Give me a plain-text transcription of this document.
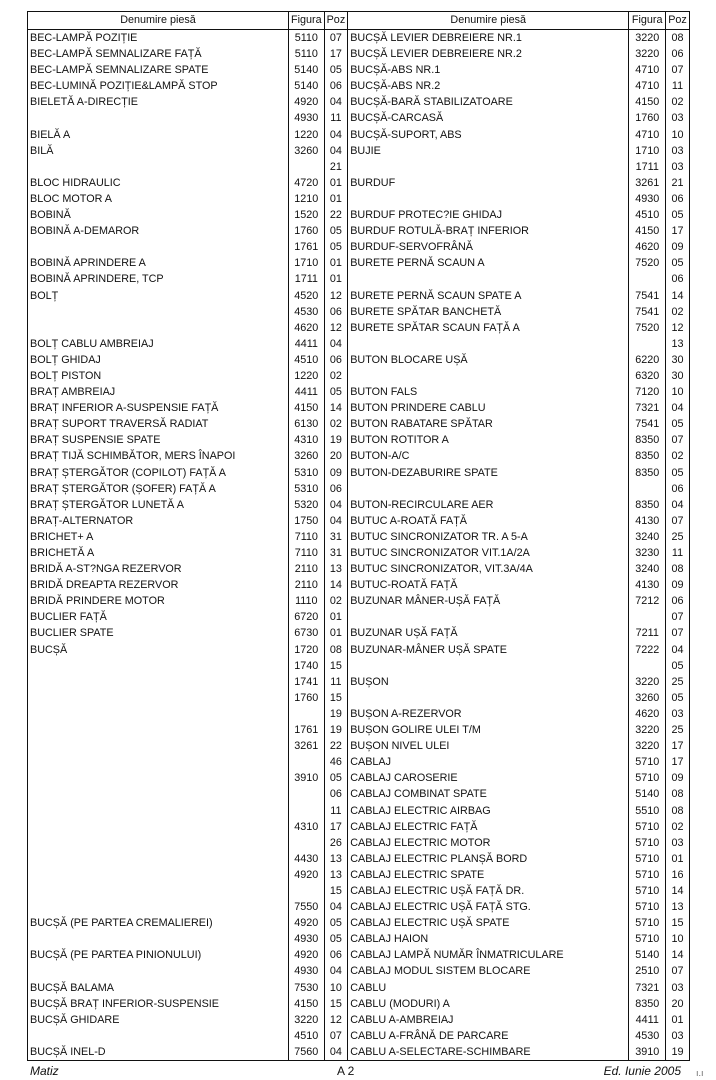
Denumire piesă	Figura	Poz	Denumire piesă	Figura	Poz
BEC-LAMPĂ POZIȚIE	5110	07	BUCȘĂ LEVIER DEBREIERE NR.1	3220	08
BEC-LAMPĂ SEMNALIZARE FAȚĂ	5110	17	BUCȘĂ LEVIER DEBREIERE NR.2	3220	06
BEC-LAMPĂ SEMNALIZARE SPATE	5140	05	BUCȘĂ-ABS NR.1	4710	07
BEC-LUMINĂ POZIȚIE&LAMPĂ STOP	5140	06	BUCȘĂ-ABS NR.2	4710	11
BIELETĂ A-DIRECȚIE	4920	04	BUCȘĂ-BARĂ STABILIZATOARE	4150	02
	4930	11	BUCȘĂ-CARCASĂ	1760	03
BIELĂ A	1220	04	BUCȘĂ-SUPORT, ABS	4710	10
BILĂ	3260	04	BUJIE	1710	03
		21		1711	03
BLOC HIDRAULIC	4720	01	BURDUF	3261	21
BLOC MOTOR A	1210	01		4930	06
BOBINĂ	1520	22	BURDUF PROTEC?IE GHIDAJ	4510	05
BOBINĂ A-DEMAROR	1760	05	BURDUF ROTULĂ-BRAȚ INFERIOR	4150	17
	1761	05	BURDUF-SERVOFRÂNĂ	4620	09
BOBINĂ APRINDERE A	1710	01	BURETE PERNĂ SCAUN A	7520	05
BOBINĂ APRINDERE, TCP	1711	01			06
BOLȚ	4520	12	BURETE PERNĂ SCAUN SPATE A	7541	14
	4530	06	BURETE SPĂTAR BANCHETĂ	7541	02
	4620	12	BURETE SPĂTAR SCAUN FAȚĂ A	7520	12
BOLȚ CABLU AMBREIAJ	4411	04			13
BOLȚ GHIDAJ	4510	06	BUTON BLOCARE UȘĂ	6220	30
BOLȚ PISTON	1220	02		6320	30
BRAȚ AMBREIAJ	4411	05	BUTON FALS	7120	10
BRAȚ INFERIOR A-SUSPENSIE FAȚĂ	4150	14	BUTON PRINDERE CABLU	7321	04
BRAȚ SUPORT TRAVERSĂ RADIAT	6130	02	BUTON RABATARE SPĂTAR	7541	05
BRAȚ SUSPENSIE SPATE	4310	19	BUTON ROTITOR A	8350	07
BRAȚ TIJĂ SCHIMBĂTOR, MERS ÎNAPOI	3260	20	BUTON-A/C	8350	02
BRAȚ ȘTERGĂTOR (COPILOT) FAȚĂ A	5310	09	BUTON-DEZABURIRE SPATE	8350	05
BRAȚ ȘTERGĂTOR (ȘOFER) FAȚĂ A	5310	06			06
BRAȚ ȘTERGĂTOR LUNETĂ A	5320	04	BUTON-RECIRCULARE AER	8350	04
BRAȚ-ALTERNATOR	1750	04	BUTUC A-ROATĂ FAȚĂ	4130	07
BRICHET+ A	7110	31	BUTUC SINCRONIZATOR TR. A 5-A	3240	25
BRICHETĂ A	7110	31	BUTUC SINCRONIZATOR VIT.1A/2A	3230	11
BRIDĂ A-ST?NGA REZERVOR	2110	13	BUTUC SINCRONIZATOR, VIT.3A/4A	3240	08
BRIDĂ DREAPTA REZERVOR	2110	14	BUTUC-ROATĂ FAȚĂ	4130	09
BRIDĂ PRINDERE MOTOR	1110	02	BUZUNAR MÂNER-UȘĂ FAȚĂ	7212	06
BUCLIER FAȚĂ	6720	01			07
BUCLIER SPATE	6730	01	BUZUNAR UȘĂ FAȚĂ	7211	07
BUCȘĂ	1720	08	BUZUNAR-MÂNER UȘĂ SPATE	7222	04
	1740	15			05
	1741	11	BUȘON	3220	25
	1760	15		3260	05
		19	BUȘON A-REZERVOR	4620	03
	1761	19	BUȘON GOLIRE ULEI T/M	3220	25
	3261	22	BUȘON NIVEL ULEI	3220	17
		46	CABLAJ	5710	17
	3910	05	CABLAJ CAROSERIE	5710	09
		06	CABLAJ COMBINAT SPATE	5140	08
		11	CABLAJ ELECTRIC AIRBAG	5510	08
	4310	17	CABLAJ ELECTRIC FAȚĂ	5710	02
		26	CABLAJ ELECTRIC MOTOR	5710	03
	4430	13	CABLAJ ELECTRIC PLANȘĂ BORD	5710	01
	4920	13	CABLAJ ELECTRIC SPATE	5710	16
		15	CABLAJ ELECTRIC UȘĂ FAȚĂ DR.	5710	14
	7550	04	CABLAJ ELECTRIC UȘĂ FAȚĂ STG.	5710	13
BUCȘĂ (PE PARTEA CREMALIEREI)	4920	05	CABLAJ ELECTRIC UȘĂ SPATE	5710	15
	4930	05	CABLAJ HAION	5710	10
BUCȘĂ (PE PARTEA PINIONULUI)	4920	06	CABLAJ LAMPĂ NUMĂR ÎNMATRICULARE	5140	14
	4930	04	CABLAJ MODUL SISTEM BLOCARE	2510	07
BUCȘĂ BALAMA	7530	10	CABLU	7321	03
BUCȘĂ BRAȚ INFERIOR-SUSPENSIE	4150	15	CABLU (MODURI) A	8350	20
BUCȘĂ GHIDARE	3220	12	CABLU A-AMBREIAJ	4411	01
	4510	07	CABLU A-FRÂNĂ DE PARCARE	4530	03
BUCȘĂ INEL-D	7560	04	CABLU A-SELECTARE-SCHIMBARE	3910	19
Matiz	A 2	Ed. Iunie 2005 ı.ı
